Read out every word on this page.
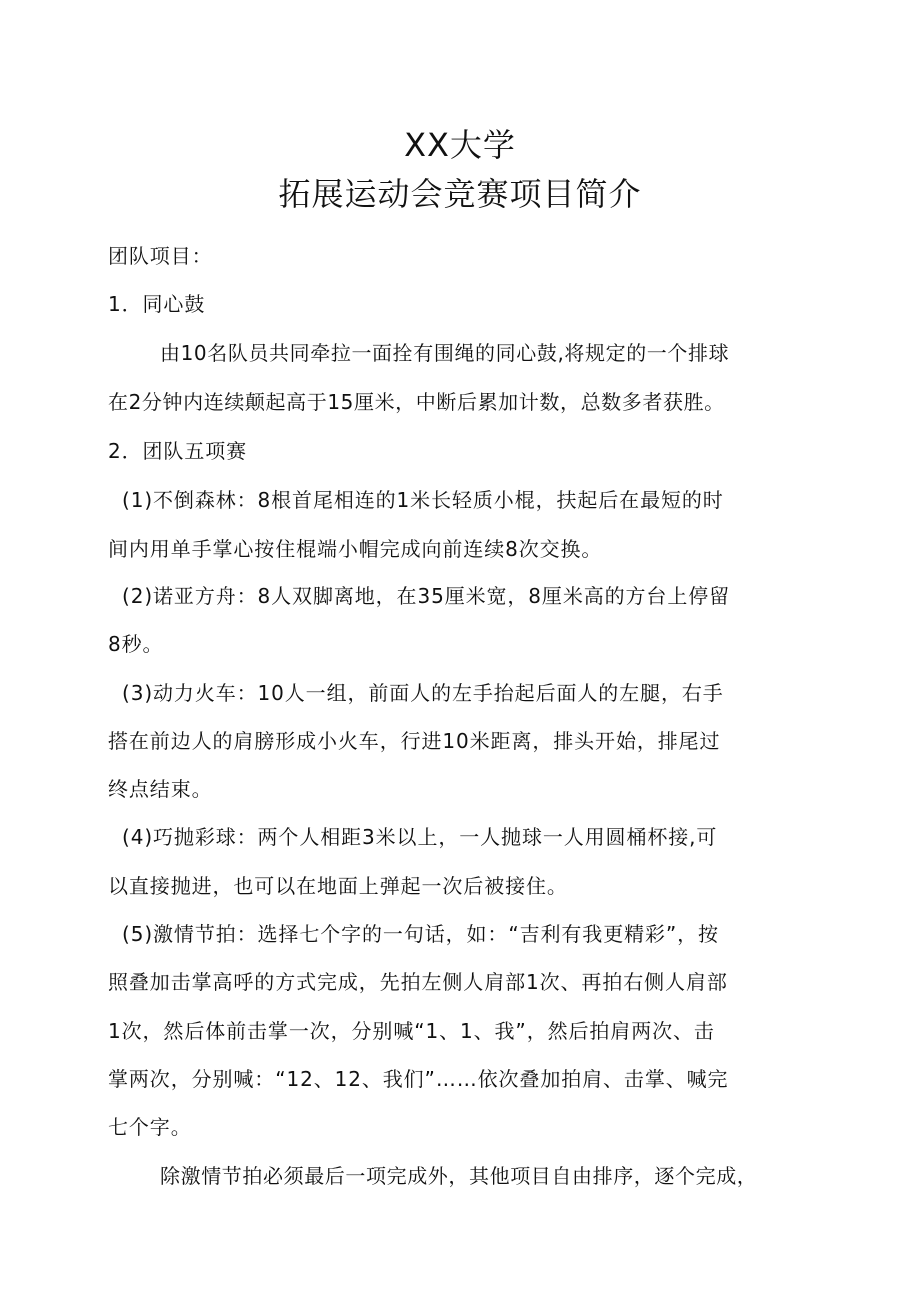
XX大学
拓展运动会竞赛项目简介
团队项目：
1．同心鼓
由10名队员共同牵拉一面拴有围绳的同心鼓,将规定的一个排球
在2分钟内连续颠起高于15厘米，中断后累加计数，总数多者获胜。
2．团队五项赛
(1)不倒森林：8根首尾相连的1米长轻质小棍，扶起后在最短的时
间内用单手掌心按住棍端小帽完成向前连续8次交换。
(2)诺亚方舟：8人双脚离地，在35厘米宽，8厘米高的方台上停留
8秒。
(3)动力火车：10人一组，前面人的左手抬起后面人的左腿，右手
搭在前边人的肩膀形成小火车，行进10米距离，排头开始，排尾过
终点结束。
(4)巧抛彩球：两个人相距3米以上，一人抛球一人用圆桶杯接,可
以直接抛进，也可以在地面上弹起一次后被接住。
(5)激情节拍：选择七个字的一句话，如：“吉利有我更精彩”，按
照叠加击掌高呼的方式完成，先拍左侧人肩部1次、再拍右侧人肩部
1次，然后体前击掌一次，分别喊“1、1、我”，然后拍肩两次、击
掌两次，分别喊：“12、12、我们”……依次叠加拍肩、击掌、喊完
七个字。
除激情节拍必须最后一项完成外，其他项目自由排序，逐个完成，
